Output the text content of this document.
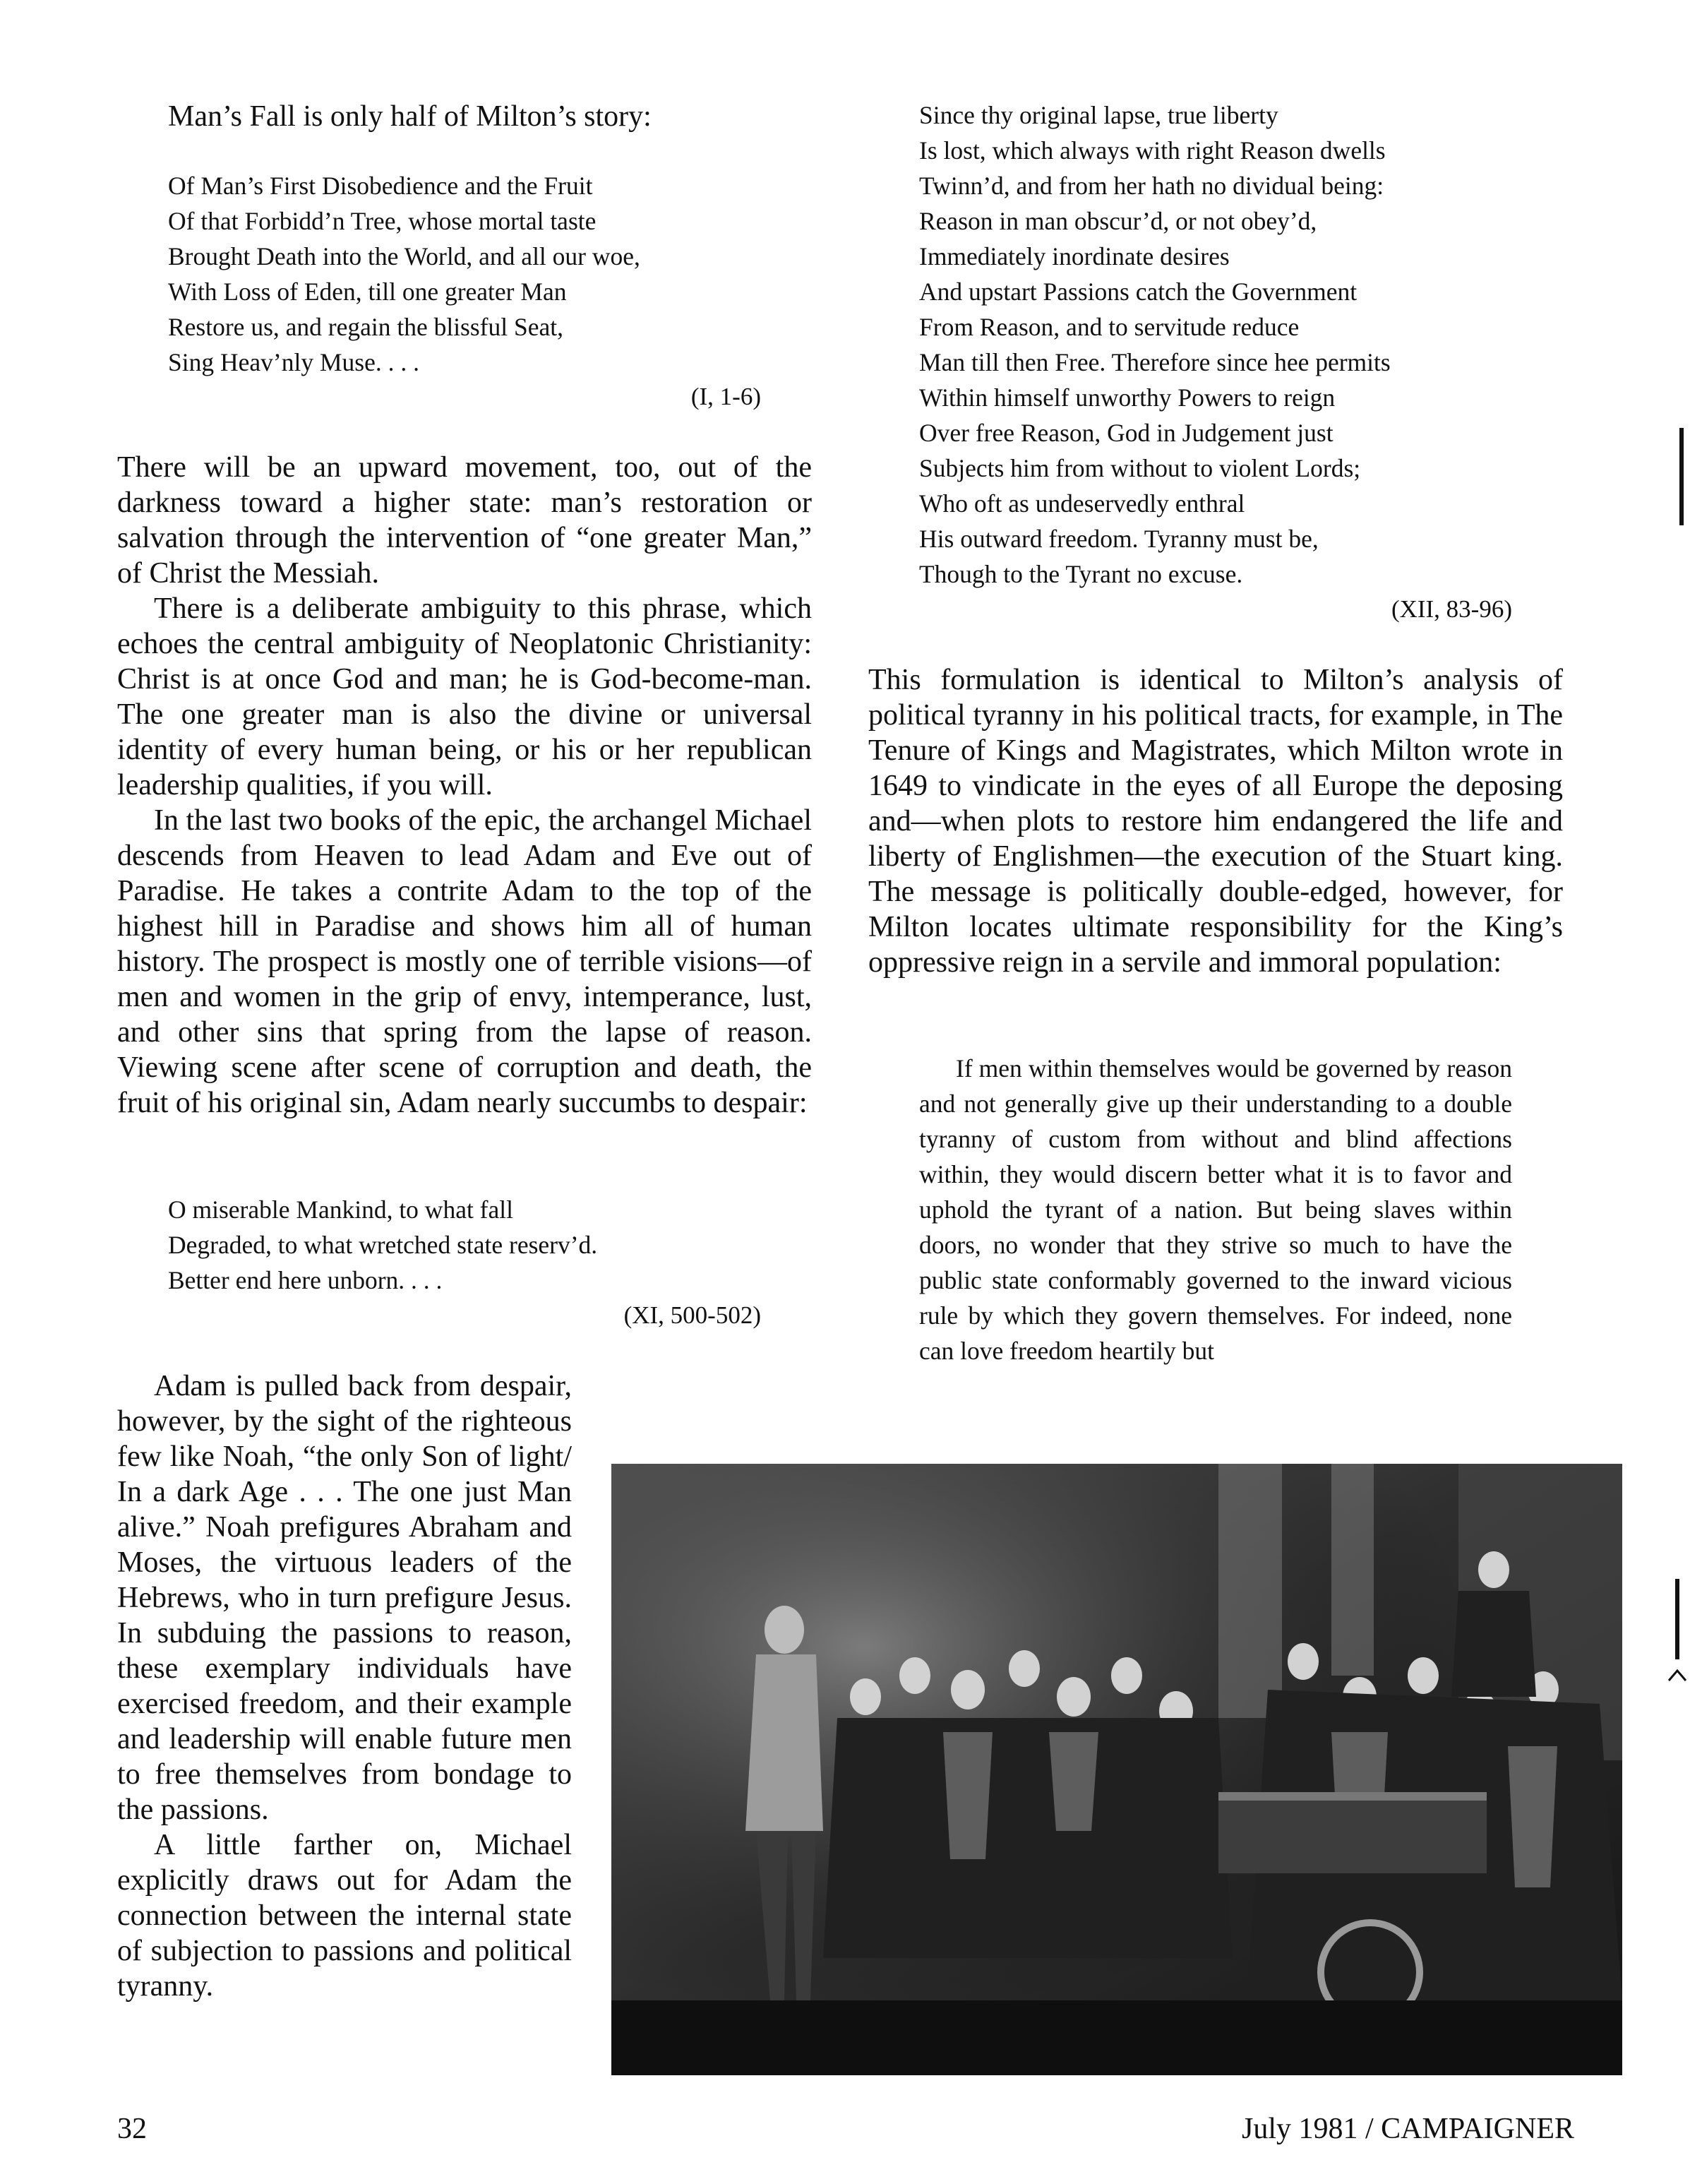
Man’s Fall is only half of Milton’s story:
Of Man’s First Disobedience and the Fruit
Of that Forbidd’n Tree, whose mortal taste
Brought Death into the World, and all our woe,
With Loss of Eden, till one greater Man
Restore us, and regain the blissful Seat,
Sing Heav’nly Muse. . . .
(I, 1-6)

There will be an upward movement, too, out of the darkness toward a higher state: man’s restoration or salvation through the intervention of “one greater Man,” of Christ the Messiah.

There is a deliberate ambiguity to this phrase, which echoes the central ambiguity of Neoplatonic Christianity: Christ is at once God and man; he is God-become-man. The one greater man is also the divine or universal identity of every human being, or his or her republican leadership qualities, if you will.

In the last two books of the epic, the archangel Michael descends from Heaven to lead Adam and Eve out of Paradise. He takes a contrite Adam to the top of the highest hill in Paradise and shows him all of human history. The prospect is mostly one of terrible visions—of men and women in the grip of envy, intemperance, lust, and other sins that spring from the lapse of reason. Viewing scene after scene of corruption and death, the fruit of his original sin, Adam nearly succumbs to despair:

O miserable Mankind, to what fall
Degraded, to what wretched state reserv’d.
Better end here unborn. . . .
(XI, 500-502)

Adam is pulled back from despair, however, by the sight of the righteous few like Noah, “the only Son of light/ In a dark Age . . . The one just Man alive.” Noah prefigures Abraham and Moses, the virtuous leaders of the Hebrews, who in turn prefigure Jesus. In subduing the passions to reason, these exemplary individuals have exercised freedom, and their example and leadership will enable future men to free themselves from bondage to the passions.

A little farther on, Michael explicitly draws out for Adam the connection between the internal state of subjection to passions and political tyranny.

Since thy original lapse, true liberty
Is lost, which always with right Reason dwells
Twinn’d, and from her hath no dividual being:
Reason in man obscur’d, or not obey’d,
Immediately inordinate desires
And upstart Passions catch the Government
From Reason, and to servitude reduce
Man till then Free. Therefore since hee permits
Within himself unworthy Powers to reign
Over free Reason, God in Judgement just
Subjects him from without to violent Lords;
Who oft as undeservedly enthral
His outward freedom. Tyranny must be,
Though to the Tyrant no excuse.
(XII, 83-96)

This formulation is identical to Milton’s analysis of political tyranny in his political tracts, for example, in The Tenure of Kings and Magistrates, which Milton wrote in 1649 to vindicate in the eyes of all Europe the deposing and—when plots to restore him endangered the life and liberty of Englishmen—the execution of the Stuart king. The message is politically double-edged, however, for Milton locates ultimate responsibility for the King’s oppressive reign in a servile and immoral population:

If men within themselves would be governed by reason and not generally give up their understanding to a double tyranny of custom from without and blind affections within, they would discern better what it is to favor and uphold the tyrant of a nation. But being slaves within doors, no wonder that they strive so much to have the public state conformably governed to the inward vicious rule by which they govern themselves. For indeed, none can love freedom heartily but

32	July 1981 / CAMPAIGNER
